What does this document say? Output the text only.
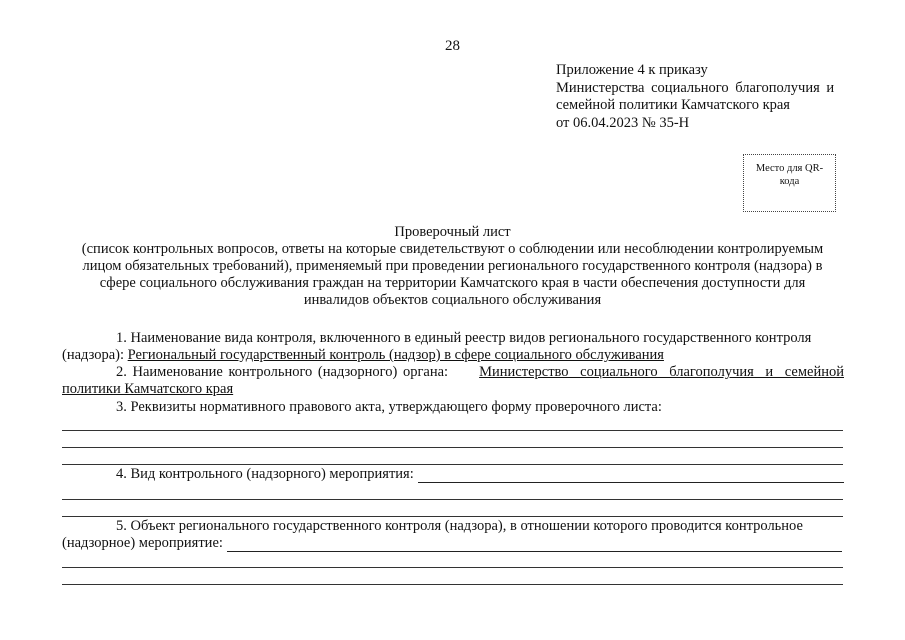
28
Приложение 4 к приказу
Министерства социального благополучия и
семейной политики Камчатского края
от 06.04.2023 № 35-Н
Место для QR-
кода
Проверочный лист
(список контрольных вопросов, ответы на которые свидетельствуют о соблюдении или несоблюдении контролируемым
лицом обязательных требований), применяемый при проведении регионального государственного контроля (надзора) в
сфере социального обслуживания граждан на территории Камчатского края в части обеспечения доступности для
инвалидов объектов социального обслуживания
1. Наименование вида контроля, включенного в единый реестр видов регионального государственного контроля
(надзора): Региональный государственный контроль (надзор) в сфере социального обслуживания
2. Наименование контрольного (надзорного) органа: Министерство социального благополучия и семейной
политики Камчатского края
3. Реквизиты нормативного правового акта, утверждающего форму проверочного листа:
4. Вид контрольного (надзорного) мероприятия:
5. Объект регионального государственного контроля (надзора), в отношении которого проводится контрольное
(надзорное) мероприятие:
